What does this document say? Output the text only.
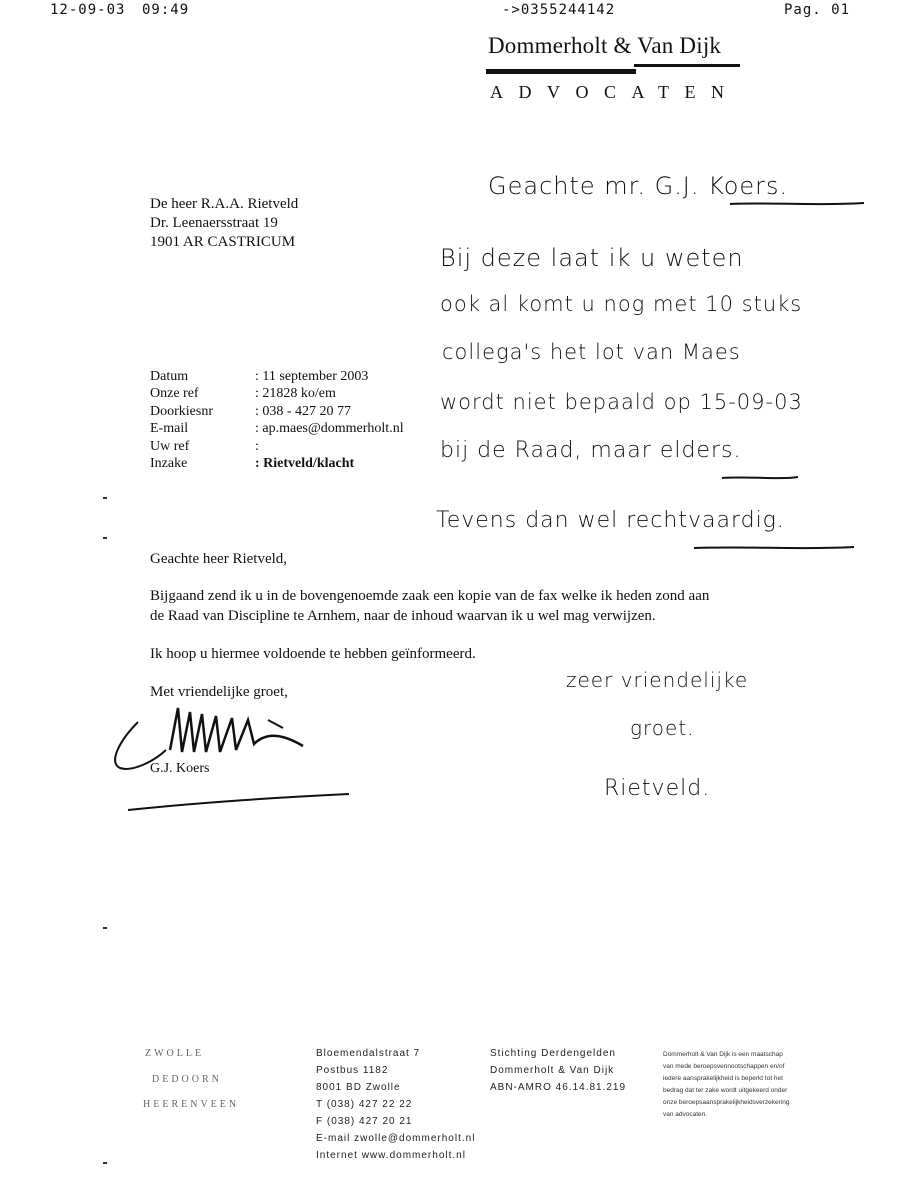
12-09-03 09:49	->0355244142	Pag. 01
Dommerholt & Van Dijk
ADVOCATEN
De heer R.A.A. Rietveld
Dr. Leenaersstraat 19
1901 AR CASTRICUM
Datum	: 11 september 2003
Onze ref	: 21828 ko/em
Doorkiesnr	: 038 - 427 20 77
E-mail	: ap.maes@dommerholt.nl
Uw ref	:
Inzake	: Rietveld/klacht
Geachte heer Rietveld,
Bijgaand zend ik u in de bovengenoemde zaak een kopie van de fax welke ik heden zond aan
de Raad van Discipline te Arnhem, naar de inhoud waarvan ik u wel mag verwijzen.
Ik hoop u hiermee voldoende te hebben geïnformeerd.
Met vriendelijke groet,
G.J. Koers
Geachte mr. G.J. Koers.
Bij deze laat ik u weten
ook al komt u nog met 10 stuks
collega's het lot van Maes
wordt niet bepaald op 15-09-03
bij de Raad, maar elders.
Tevens dan wel rechtvaardig.
zeer vriendelijke
groet.
Rietveld.
ZWOLLE
DEDOORN
HEERENVEEN
Bloemendalstraat 7
Postbus 1182
8001 BD Zwolle
T (038) 427 22 22
F (038) 427 20 21
E-mail zwolle@dommerholt.nl
Internet www.dommerholt.nl
Stichting Derdengelden
Dommerholt & Van Dijk
ABN-AMRO 46.14.81.219
Dommerholt & Van Dijk is een maatschap
van mede beroepsvennootschappen en/of
iedere aansprakelijkheid is beperkt tot het
bedrag dat ter zake wordt uitgekeerd onder
onze beroepsaansprakelijkheidsverzekering
van advocaten.
